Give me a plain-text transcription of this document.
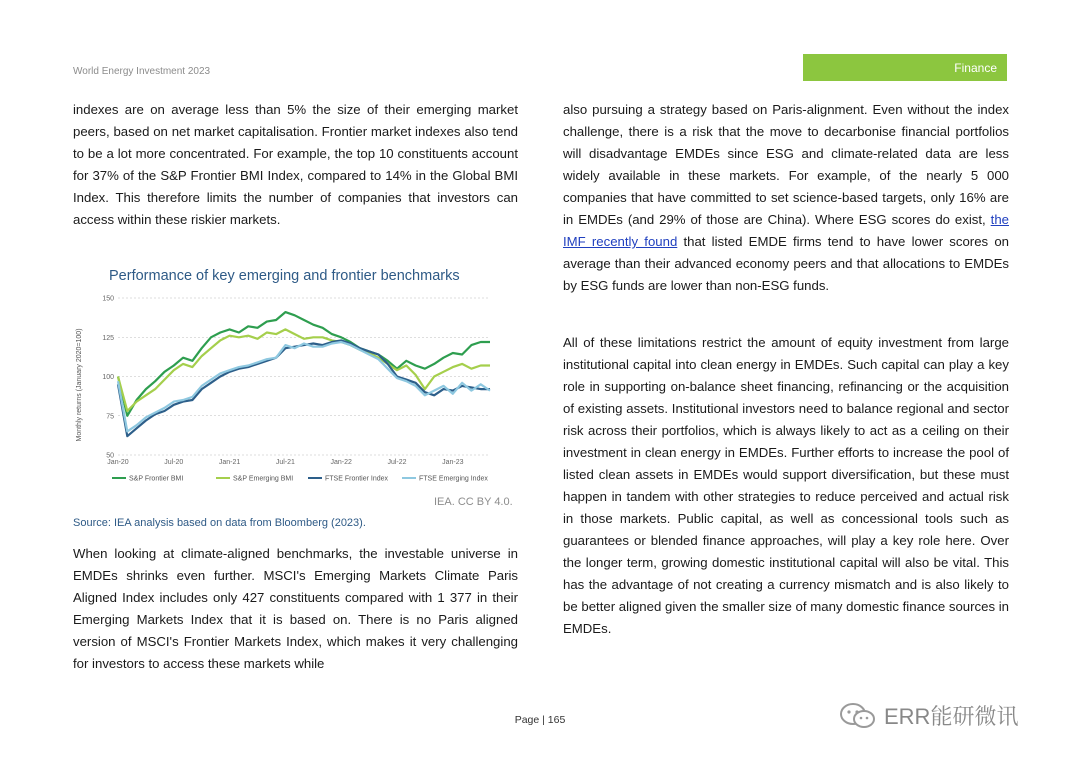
World Energy Investment 2023	Finance

indexes are on average less than 5% the size of their emerging market peers, based on net market capitalisation. Frontier market indexes also tend to be a lot more concentrated. For example, the top 10 constituents account for 37% of the S&P Frontier BMI Index, compared to 14% in the Global BMI Index. This therefore limits the number of companies that investors can access within these riskier markets.

Performance of key emerging and frontier benchmarks
Monthly returns (January 2020=100)
50
75
100
125
150
Jan-20	Jul-20	Jan-21	Jul-21	Jan-22	Jul-22	Jan-23
S&P Frontier BMI	S&P Emerging BMI	FTSE Frontier Index	FTSE Emerging Index
IEA. CC BY 4.0.
Source: IEA analysis based on data from Bloomberg (2023).

When looking at climate-aligned benchmarks, the investable universe in EMDEs shrinks even further. MSCI's Emerging Markets Climate Paris Aligned Index includes only 427 constituents compared with 1 377 in their Emerging Markets Index that it is based on. There is no Paris aligned version of MSCI's Frontier Markets Index, which makes it very challenging for investors to access these markets while

also pursuing a strategy based on Paris-alignment. Even without the index challenge, there is a risk that the move to decarbonise financial portfolios will disadvantage EMDEs since ESG and climate-related data are less widely available in these markets. For example, of the nearly 5 000 companies that have committed to set science-based targets, only 16% are in EMDEs (and 29% of those are China). Where ESG scores do exist, the IMF recently found that listed EMDE firms tend to have lower scores on average than their advanced economy peers and that allocations to EMDEs by ESG funds are lower than non-ESG funds.

All of these limitations restrict the amount of equity investment from large institutional capital into clean energy in EMDEs. Such capital can play a key role in supporting on-balance sheet financing, refinancing or the acquisition of existing assets. Institutional investors need to balance regional and sector risk across their portfolios, which is always likely to act as a ceiling on their investment in clean energy in EMDEs. Further efforts to increase the pool of listed clean assets in EMDEs would support diversification, but these must happen in tandem with other strategies to reduce perceived and actual risk in those markets. Public capital, as well as concessional tools such as guarantees or blended finance approaches, will play a key role here. Over the longer term, growing domestic institutional capital will also be vital. This has the advantage of not creating a currency mismatch and is also likely to be better aligned given the smaller size of many domestic finance sources in EMDEs.

Page | 165	ERR能研微讯
